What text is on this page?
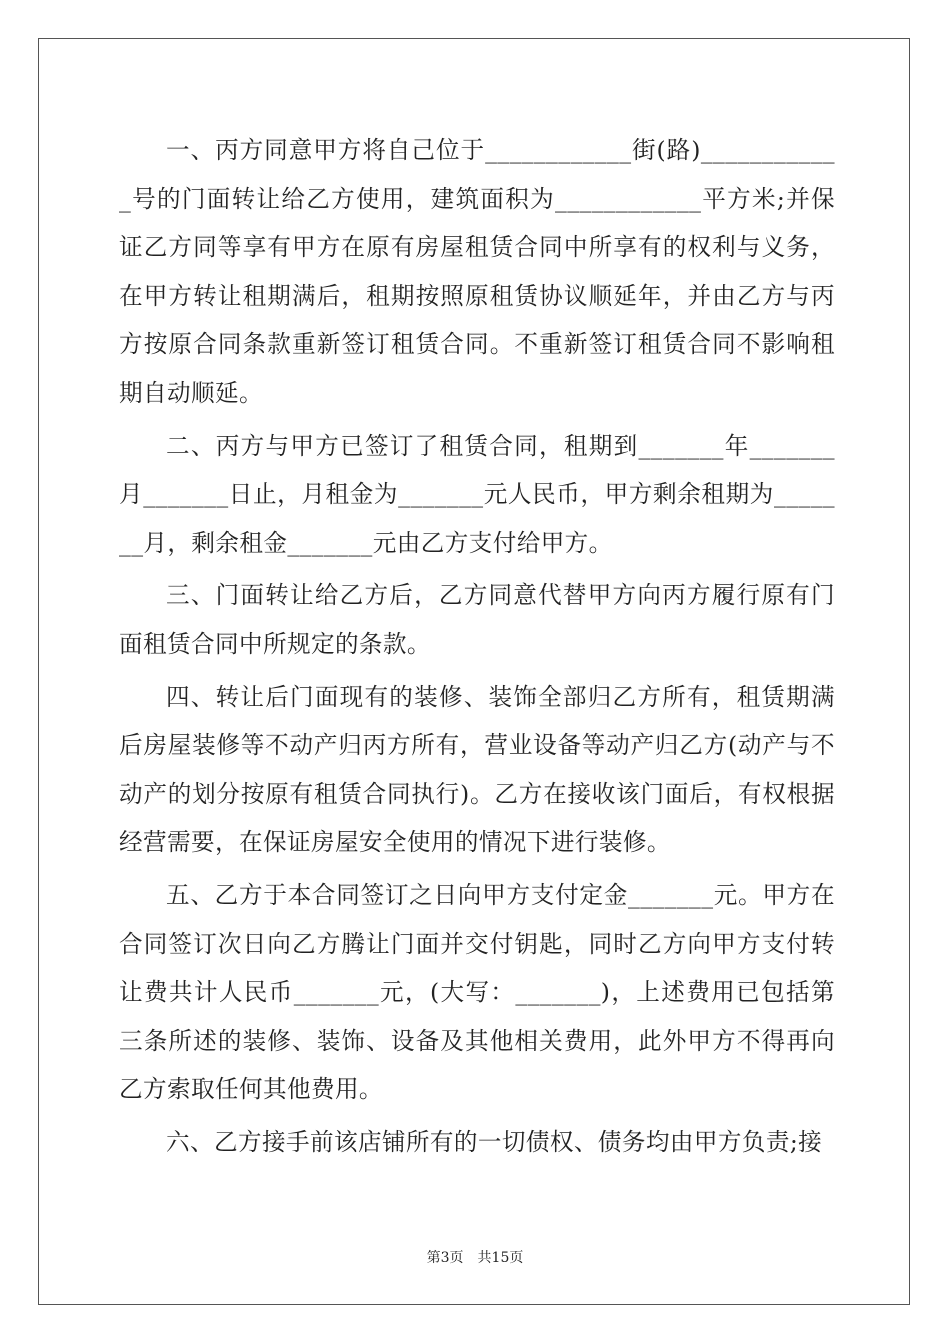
一、丙方同意甲方将自己位于____________街(路)____________号的门面转让给乙方使用，建筑面积为____________平方米;并保证乙方同等享有甲方在原有房屋租赁合同中所享有的权利与义务，在甲方转让租期满后，租期按照原租赁协议顺延年，并由乙方与丙方按原合同条款重新签订租赁合同。不重新签订租赁合同不影响租期自动顺延。

二、丙方与甲方已签订了租赁合同，租期到_______年_______月_______日止，月租金为_______元人民币，甲方剩余租期为_______月，剩余租金_______元由乙方支付给甲方。

三、门面转让给乙方后，乙方同意代替甲方向丙方履行原有门面租赁合同中所规定的条款。

四、转让后门面现有的装修、装饰全部归乙方所有，租赁期满后房屋装修等不动产归丙方所有，营业设备等动产归乙方(动产与不动产的划分按原有租赁合同执行)。乙方在接收该门面后，有权根据经营需要，在保证房屋安全使用的情况下进行装修。

五、乙方于本合同签订之日向甲方支付定金_______元。甲方在合同签订次日向乙方腾让门面并交付钥匙，同时乙方向甲方支付转让费共计人民币_______元，(大写：_______)，上述费用已包括第三条所述的装修、装饰、设备及其他相关费用，此外甲方不得再向乙方索取任何其他费用。

六、乙方接手前该店铺所有的一切债权、债务均由甲方负责;接

第3页　共15页
